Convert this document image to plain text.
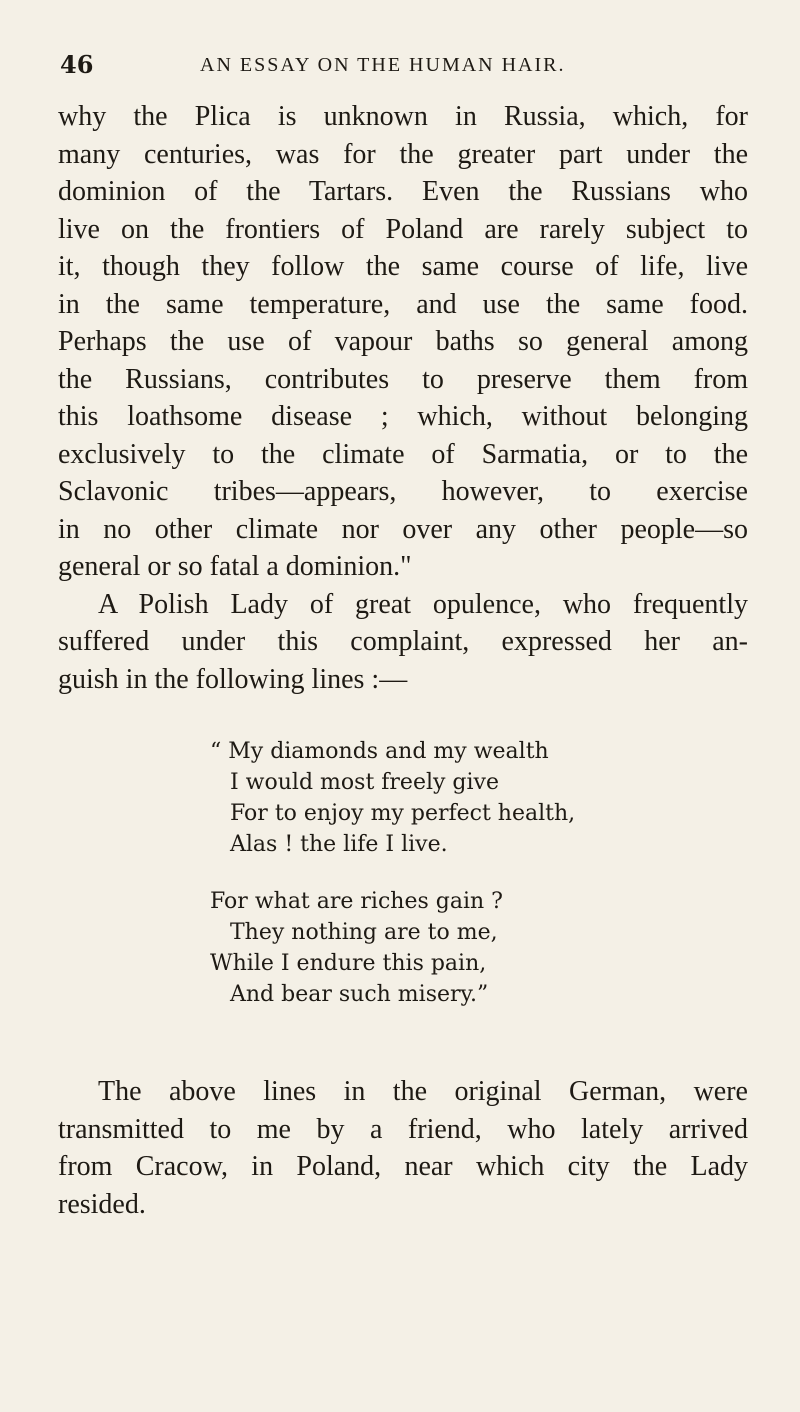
46	AN ESSAY ON THE HUMAN HAIR.
why the Plica is unknown in Russia, which, for
many centuries, was for the greater part under the
dominion of the Tartars. Even the Russians who
live on the frontiers of Poland are rarely subject to
it, though they follow the same course of life, live
in the same temperature, and use the same food.
Perhaps the use of vapour baths so general among
the Russians, contributes to preserve them from
this loathsome disease ; which, without belonging
exclusively to the climate of Sarmatia, or to the
Sclavonic tribes—appears, however, to exercise
in no other climate nor over any other people—so
general or so fatal a dominion."
A Polish Lady of great opulence, who frequently
suffered under this complaint, expressed her an-
guish in the following lines :—
“ My diamonds and my wealth
I would most freely give
For to enjoy my perfect health,
Alas ! the life I live.
For what are riches gain ?
They nothing are to me,
While I endure this pain,
And bear such misery.”
The above lines in the original German, were
transmitted to me by a friend, who lately arrived
from Cracow, in Poland, near which city the Lady
resided.
